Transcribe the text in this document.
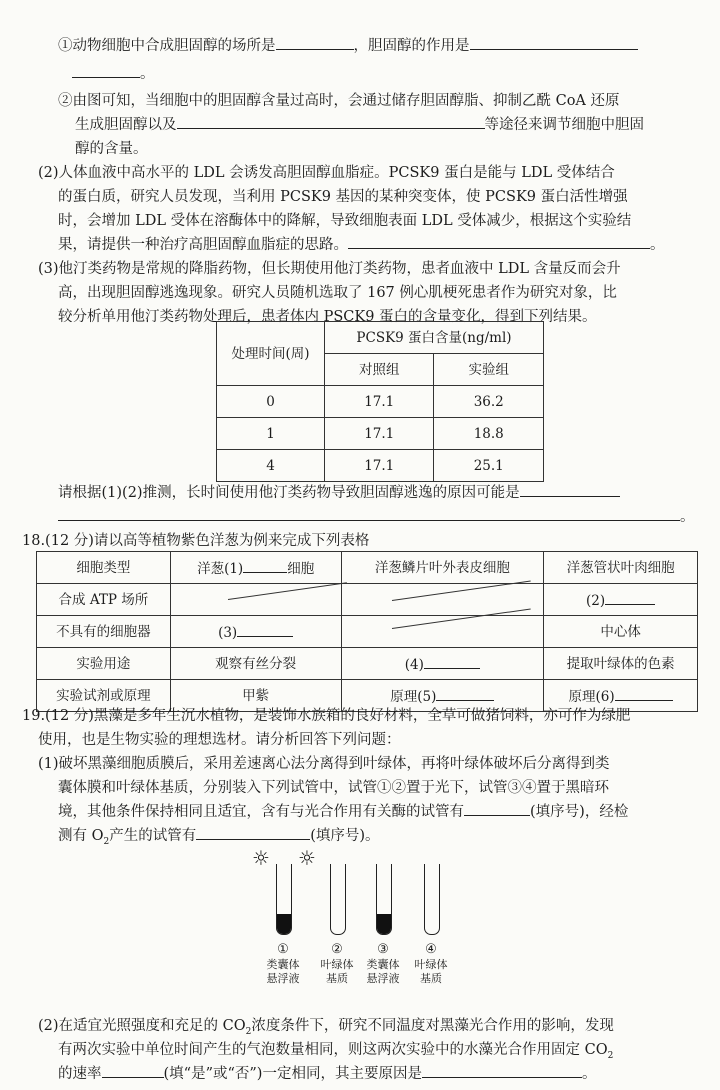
①动物细胞中合成胆固醇的场所是	，胆固醇的作用是
。
②由图可知，当细胞中的胆固醇含量过高时，会通过储存胆固醇脂、抑制乙酰 CoA 还原
生成胆固醇以及	等途径来调节细胞中胆固
醇的含量。
(2)人体血液中高水平的 LDL 会诱发高胆固醇血脂症。PCSK9 蛋白是能与 LDL 受体结合
的蛋白质，研究人员发现，当利用 PCSK9 基因的某种突变体，使 PCSK9 蛋白活性增强
时，会增加 LDL 受体在溶酶体中的降解，导致细胞表面 LDL 受体减少，根据这个实验结
果，请提供一种治疗高胆固醇血脂症的思路。	。
(3)他汀类药物是常规的降脂药物，但长期使用他汀类药物，患者血液中 LDL 含量反而会升
高，出现胆固醇逃逸现象。研究人员随机选取了 167 例心肌梗死患者作为研究对象，比
较分析单用他汀类药物处理后，患者体内 PSCK9 蛋白的含量变化，得到下列结果。
处理时间(周)	PCSK9 蛋白含量(ng/ml)	
	对照组	实验组
0	17.1	36.2
1	17.1	18.8
4	17.1	25.1
请根据(1)(2)推测，长时间使用他汀类药物导致胆固醇逃逸的原因可能是
。
18.(12 分)请以高等植物紫色洋葱为例来完成下列表格
细胞类型	洋葱(1) 细胞	洋葱鳞片叶外表皮细胞	洋葱管状叶肉细胞
合成 ATP 场所			(2)
不具有的细胞器	(3)		中心体
实验用途	观察有丝分裂	(4)	提取叶绿体的色素
实验试剂或原理	甲紫	原理(5)	原理(6)
19.(12 分)黑藻是多年生沉水植物，是装饰水族箱的良好材料，全草可做猪饲料，亦可作为绿肥
使用，也是生物实验的理想选材。请分析回答下列问题：
(1)破坏黑藻细胞质膜后，采用差速离心法分离得到叶绿体，再将叶绿体破坏后分离得到类
囊体膜和叶绿体基质，分别装入下列试管中，试管①②置于光下，试管③④置于黑暗环
境，其他条件保持相同且适宜，含有与光合作用有关酶的试管有	(填序号)，经检
测有 $O_2$产生的试管有	(填序号)。
☼ ☼
①	②	③	④
类囊体
悬浮液
叶绿体
基质
类囊体
悬浮液
叶绿体
基质
(2)在适宜光照强度和充足的 $CO_2$浓度条件下，研究不同温度对黑藻光合作用的影响，发现
有两次实验中单位时间产生的气泡数量相同，则这两次实验中的水藻光合作用固定 $CO_2$
的速率	(填“是”或“否”)一定相同，其主要原因是	。
